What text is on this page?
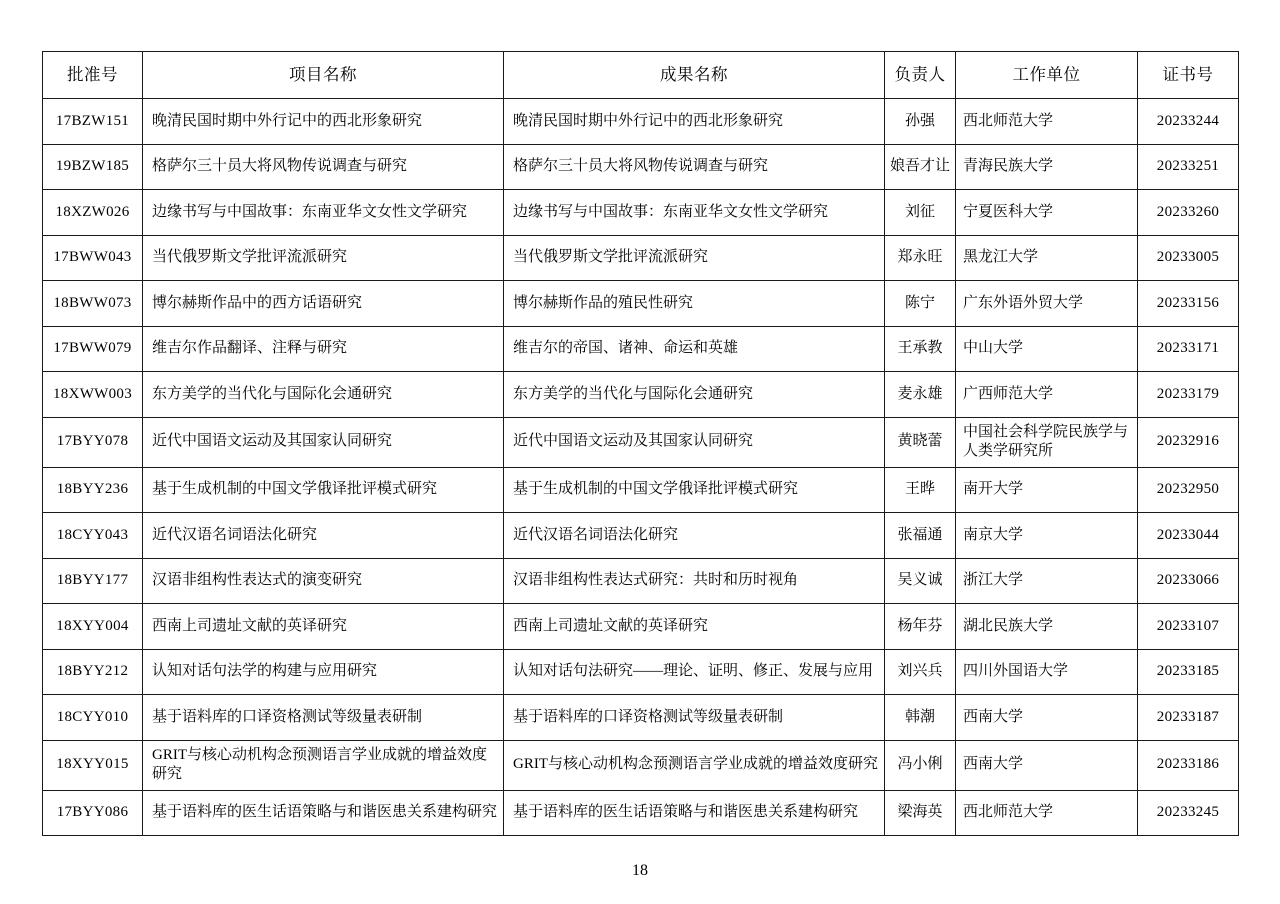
批准号	项目名称	成果名称	负责人	工作单位	证书号

17BZW151	晚清民国时期中外行记中的西北形象研究	晚清民国时期中外行记中的西北形象研究	孙强	西北师范大学	20233244

19BZW185	格萨尔三十员大将风物传说调查与研究	格萨尔三十员大将风物传说调查与研究	娘吾才让	青海民族大学	20233251

18XZW026	边缘书写与中国故事：东南亚华文女性文学研究	边缘书写与中国故事：东南亚华文女性文学研究	刘征	宁夏医科大学	20233260

17BWW043	当代俄罗斯文学批评流派研究	当代俄罗斯文学批评流派研究	郑永旺	黑龙江大学	20233005

18BWW073	博尔赫斯作品中的西方话语研究	博尔赫斯作品的殖民性研究	陈宁	广东外语外贸大学	20233156

17BWW079	维吉尔作品翻译、注释与研究	维吉尔的帝国、诸神、命运和英雄	王承教	中山大学	20233171

18XWW003	东方美学的当代化与国际化会通研究	东方美学的当代化与国际化会通研究	麦永雄	广西师范大学	20233179

17BYY078	近代中国语文运动及其国家认同研究	近代中国语文运动及其国家认同研究	黄晓蕾	中国社会科学院民族学与人类学研究所	20232916

18BYY236	基于生成机制的中国文学俄译批评模式研究	基于生成机制的中国文学俄译批评模式研究	王晔	南开大学	20232950

18CYY043	近代汉语名词语法化研究	近代汉语名词语法化研究	张福通	南京大学	20233044

18BYY177	汉语非组构性表达式的演变研究	汉语非组构性表达式研究：共时和历时视角	吴义诚	浙江大学	20233066

18XYY004	西南上司遗址文献的英译研究	西南上司遗址文献的英译研究	杨年芬	湖北民族大学	20233107

18BYY212	认知对话句法学的构建与应用研究	认知对话句法研究——理论、证明、修正、发展与应用	刘兴兵	四川外国语大学	20233185

18CYY010	基于语料库的口译资格测试等级量表研制	基于语料库的口译资格测试等级量表研制	韩潮	西南大学	20233187

18XYY015	GRIT与核心动机构念预测语言学业成就的增益效度研究	GRIT与核心动机构念预测语言学业成就的增益效度研究	冯小俐	西南大学	20233186

17BYY086	基于语料库的医生话语策略与和谐医患关系建构研究	基于语料库的医生话语策略与和谐医患关系建构研究	梁海英	西北师范大学	20233245
18
